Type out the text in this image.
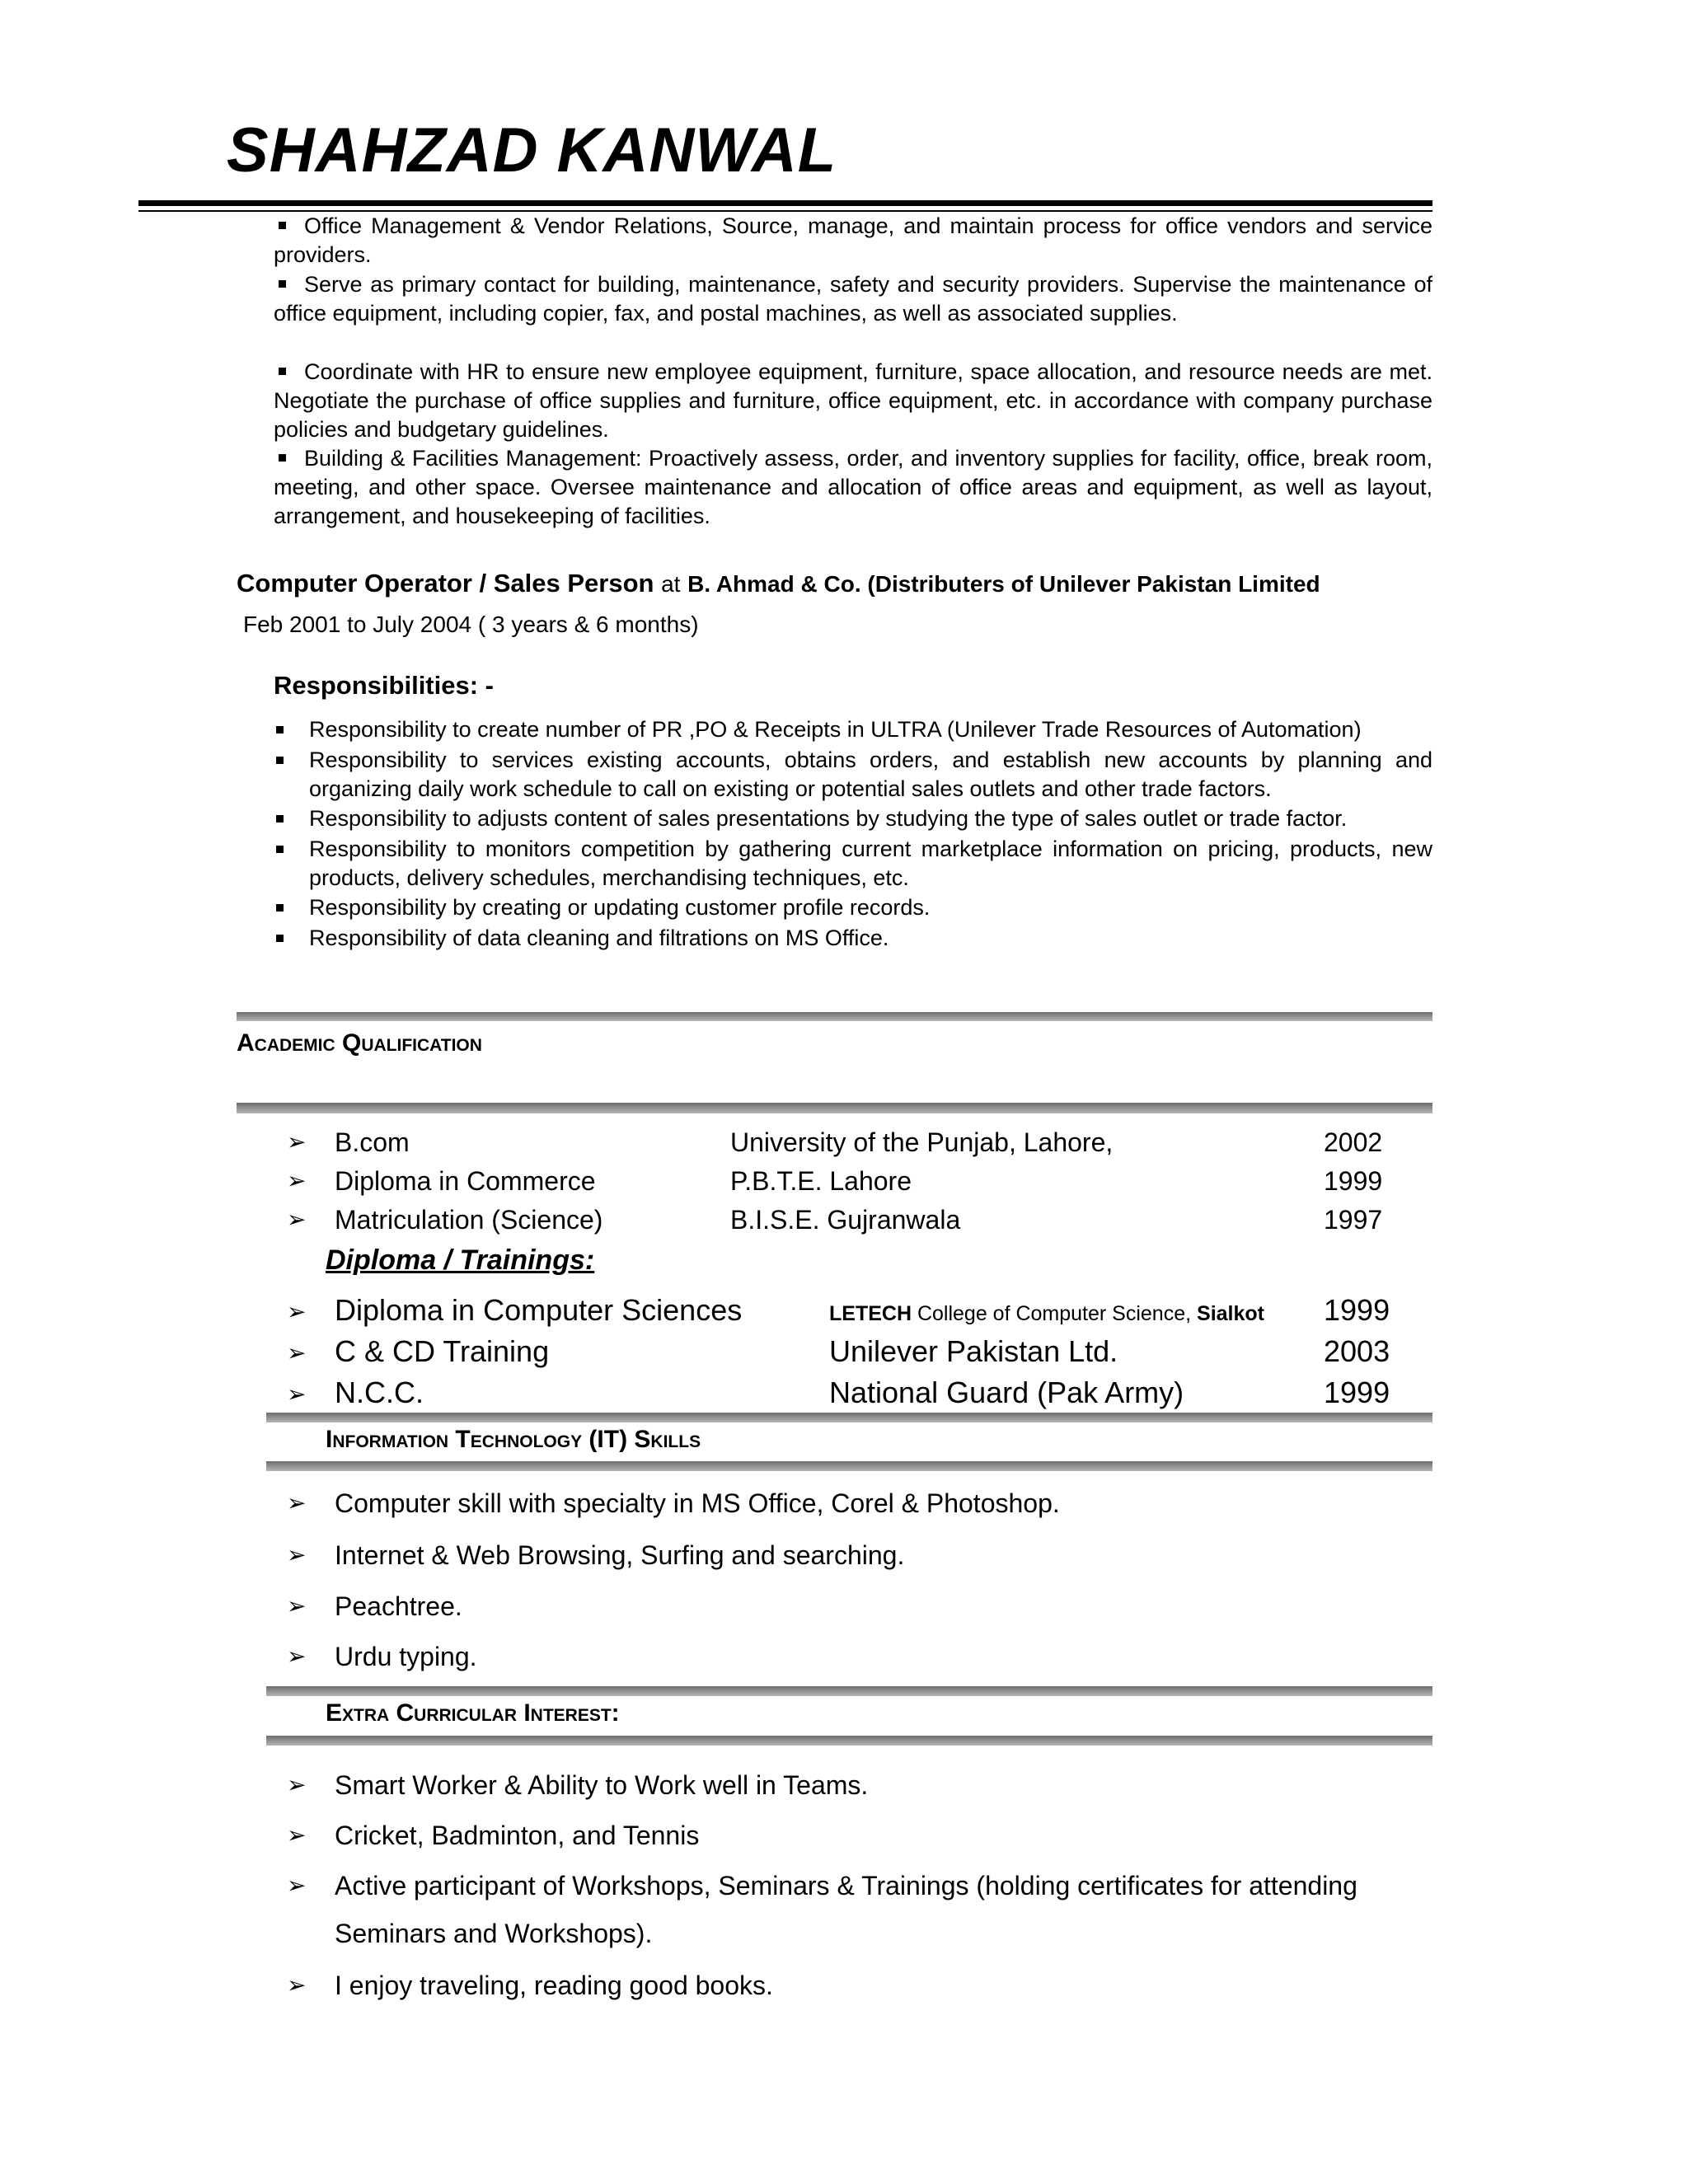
SHAHZAD KANWAL
Office Management & Vendor Relations, Source, manage, and maintain process for office vendors and service providers.
Serve as primary contact for building, maintenance, safety and security providers. Supervise the maintenance of office equipment, including copier, fax, and postal machines, as well as associated supplies.
Coordinate with HR to ensure new employee equipment, furniture, space allocation, and resource needs are met. Negotiate the purchase of office supplies and furniture, office equipment, etc. in accordance with company purchase policies and budgetary guidelines.
Building & Facilities Management: Proactively assess, order, and inventory supplies for facility, office, break room, meeting, and other space. Oversee maintenance and allocation of office areas and equipment, as well as layout, arrangement, and housekeeping of facilities.
Computer Operator / Sales Person at B. Ahmad & Co. (Distributers of Unilever Pakistan Limited
Feb 2001 to July 2004 ( 3 years & 6 months)
Responsibilities: -
Responsibility to create number of PR ,PO & Receipts in ULTRA (Unilever Trade Resources of Automation)
Responsibility to services existing accounts, obtains orders, and establish new accounts by planning and organizing daily work schedule to call on existing or potential sales outlets and other trade factors.
Responsibility to adjusts content of sales presentations by studying the type of sales outlet or trade factor.
Responsibility to monitors competition by gathering current marketplace information on pricing, products, new products, delivery schedules, merchandising techniques, etc.
Responsibility by creating or updating customer profile records.
Responsibility of data cleaning and filtrations on MS Office.
Academic Qualification
➢ B.com	University of the Punjab, Lahore,	2002
➢ Diploma in Commerce	P.B.T.E. Lahore	1999
➢ Matriculation (Science)	B.I.S.E. Gujranwala	1997
Diploma / Trainings:
➢ Diploma in Computer Sciences	LETECH College of Computer Science, Sialkot 1999
➢ C & CD Training	Unilever Pakistan Ltd.	2003
➢ N.C.C.	National Guard (Pak Army)	1999
Information Technology (IT) Skills
➢ Computer skill with specialty in MS Office, Corel & Photoshop.
➢ Internet & Web Browsing, Surfing and searching.
➢ Peachtree.
➢ Urdu typing.
Extra Curricular Interest:
➢ Smart Worker & Ability to Work well in Teams.
➢ Cricket, Badminton, and Tennis
➢ Active participant of Workshops, Seminars & Trainings (holding certificates for attending
Seminars and Workshops).
➢ I enjoy traveling, reading good books.
